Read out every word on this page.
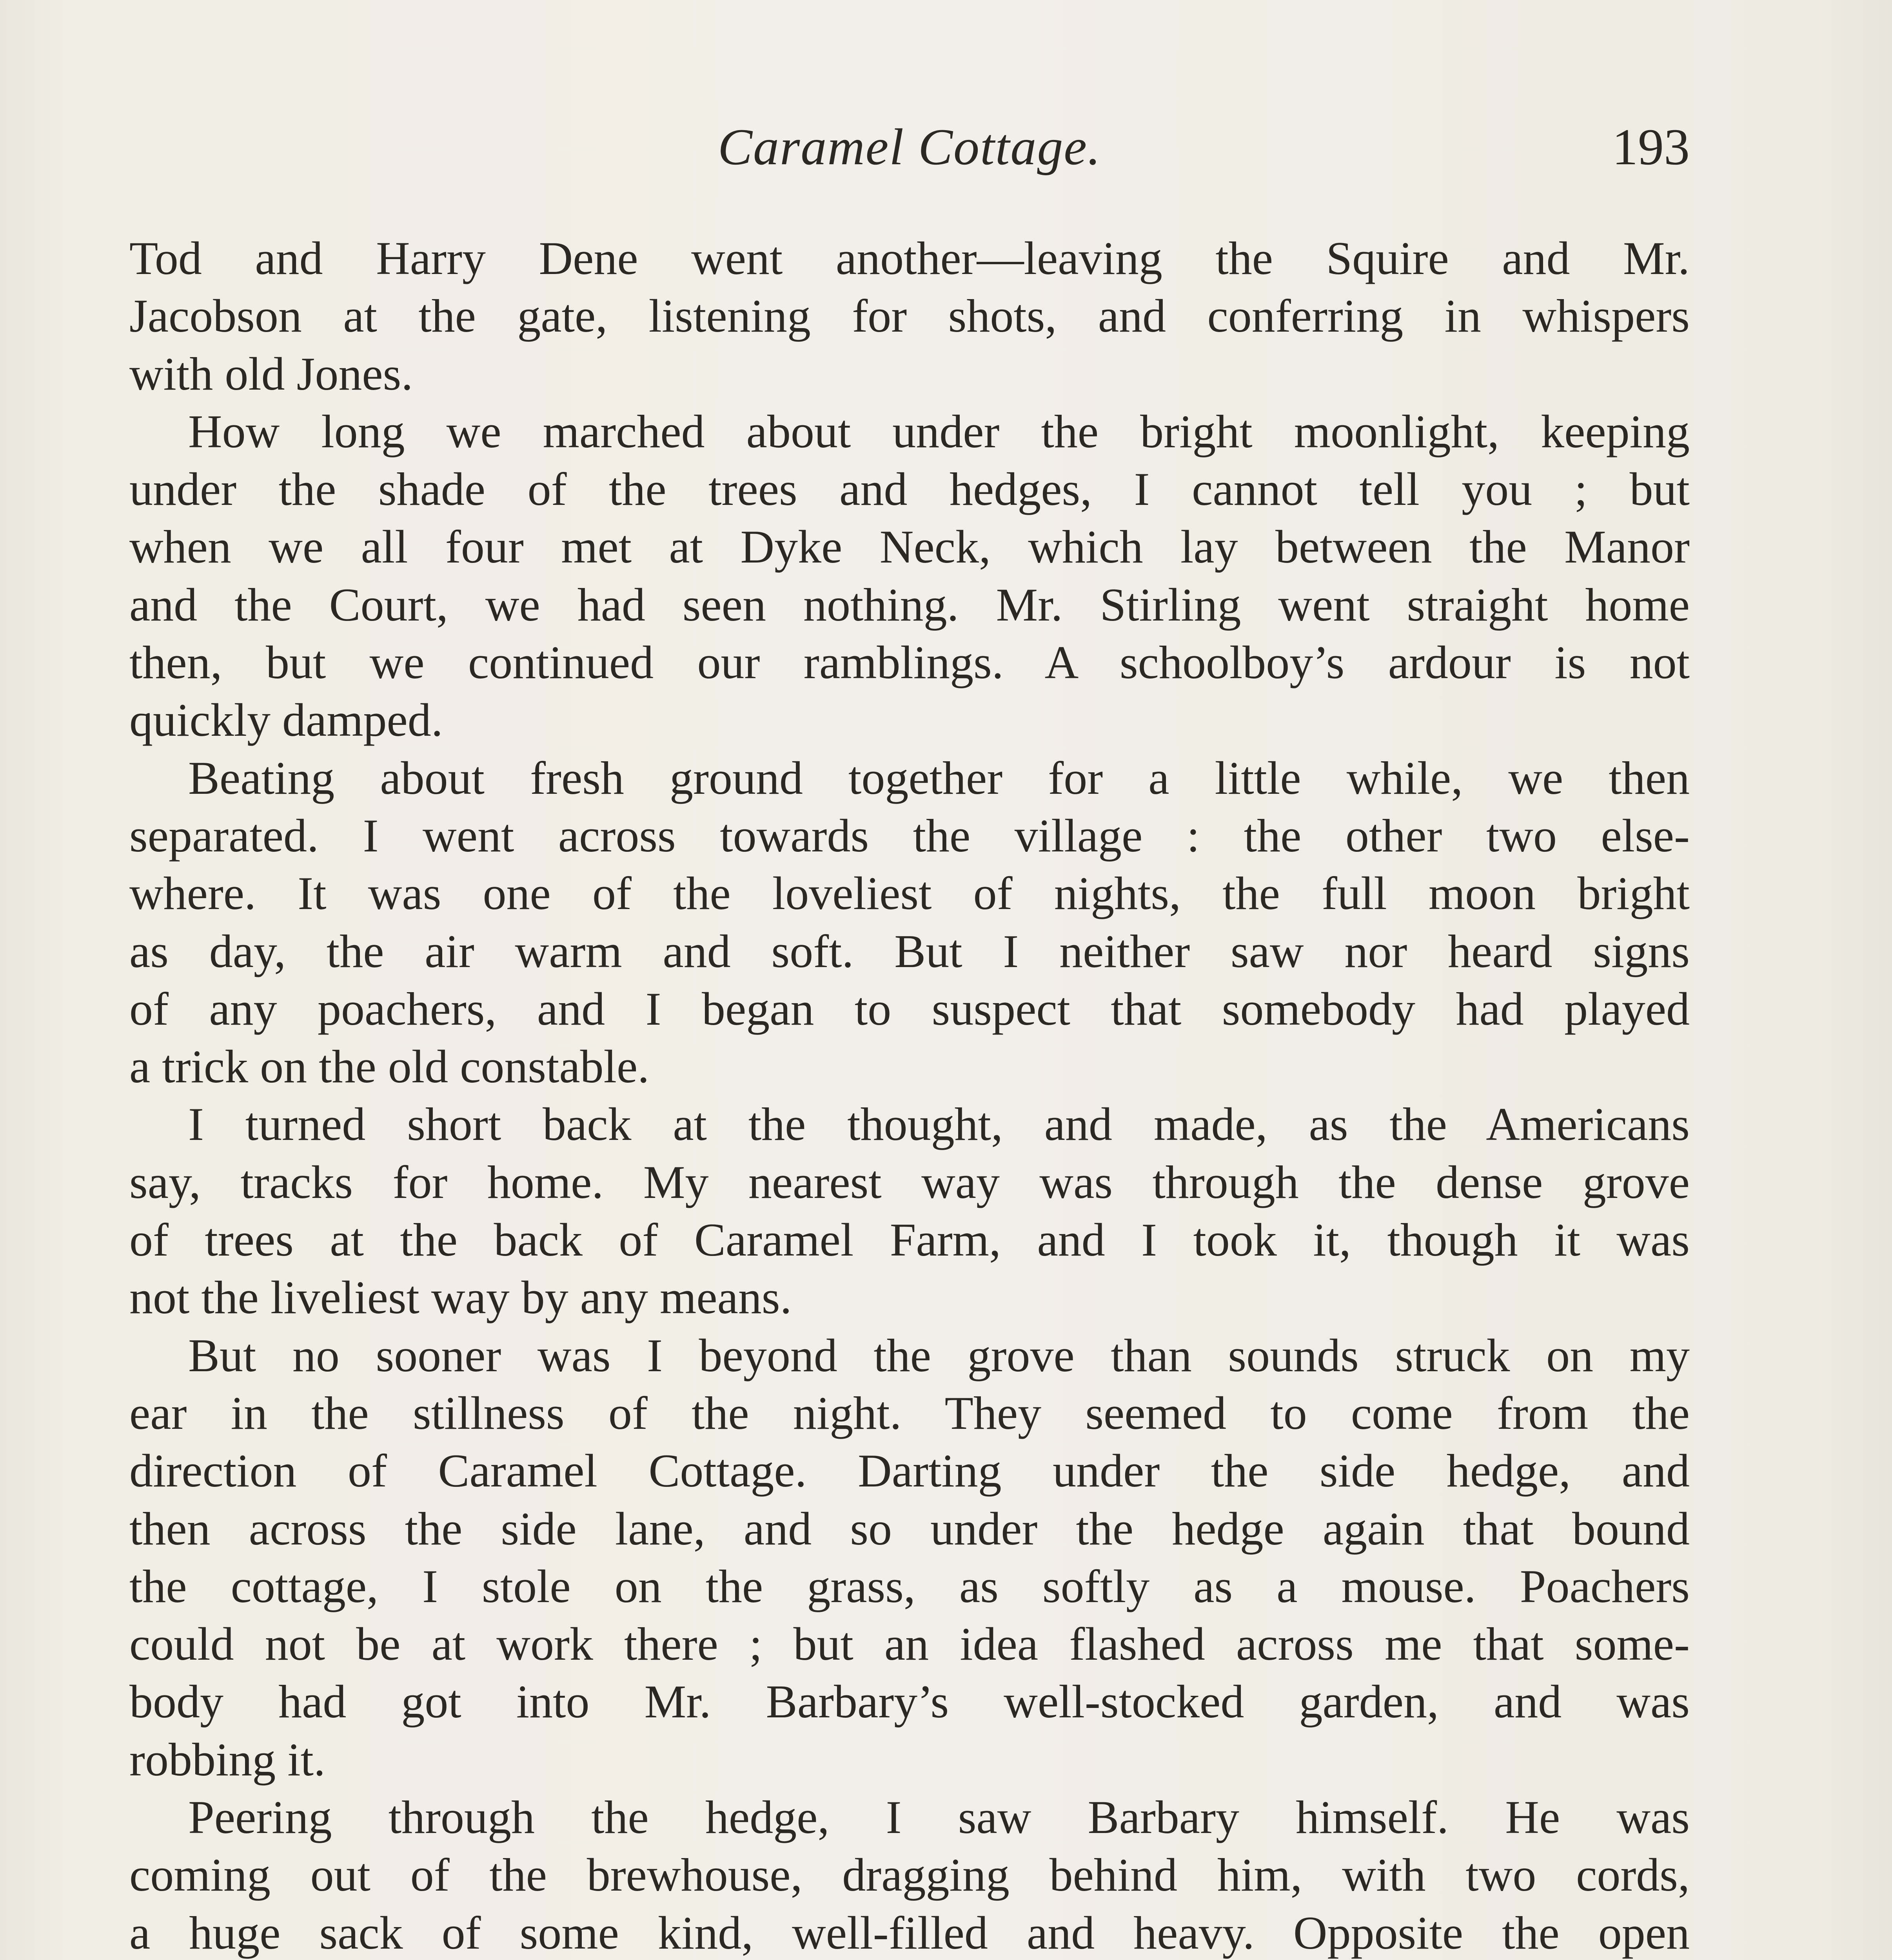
Caramel Cottage.	193
Tod and Harry Dene went another—leaving the Squire and Mr.
Jacobson at the gate, listening for shots, and conferring in whispers
with old Jones.
How long we marched about under the bright moonlight, keeping
under the shade of the trees and hedges, I cannot tell you ; but
when we all four met at Dyke Neck, which lay between the Manor
and the Court, we had seen nothing. Mr. Stirling went straight home
then, but we continued our ramblings. A schoolboy’s ardour is not
quickly damped.
Beating about fresh ground together for a little while, we then
separated. I went across towards the village : the other two else-
where. It was one of the loveliest of nights, the full moon bright
as day, the air warm and soft. But I neither saw nor heard signs
of any poachers, and I began to suspect that somebody had played
a trick on the old constable.
I turned short back at the thought, and made, as the Americans
say, tracks for home. My nearest way was through the dense grove
of trees at the back of Caramel Farm, and I took it, though it was
not the liveliest way by any means.
But no sooner was I beyond the grove than sounds struck on my
ear in the stillness of the night. They seemed to come from the
direction of Caramel Cottage. Darting under the side hedge, and
then across the side lane, and so under the hedge again that bound
the cottage, I stole on the grass, as softly as a mouse. Poachers
could not be at work there ; but an idea flashed across me that some-
body had got into Mr. Barbary’s well-stocked garden, and was
robbing it.
Peering through the hedge, I saw Barbary himself. He was
coming out of the brewhouse, dragging behind him, with two cords,
a huge sack of some kind, well-filled and heavy. Opposite the open
